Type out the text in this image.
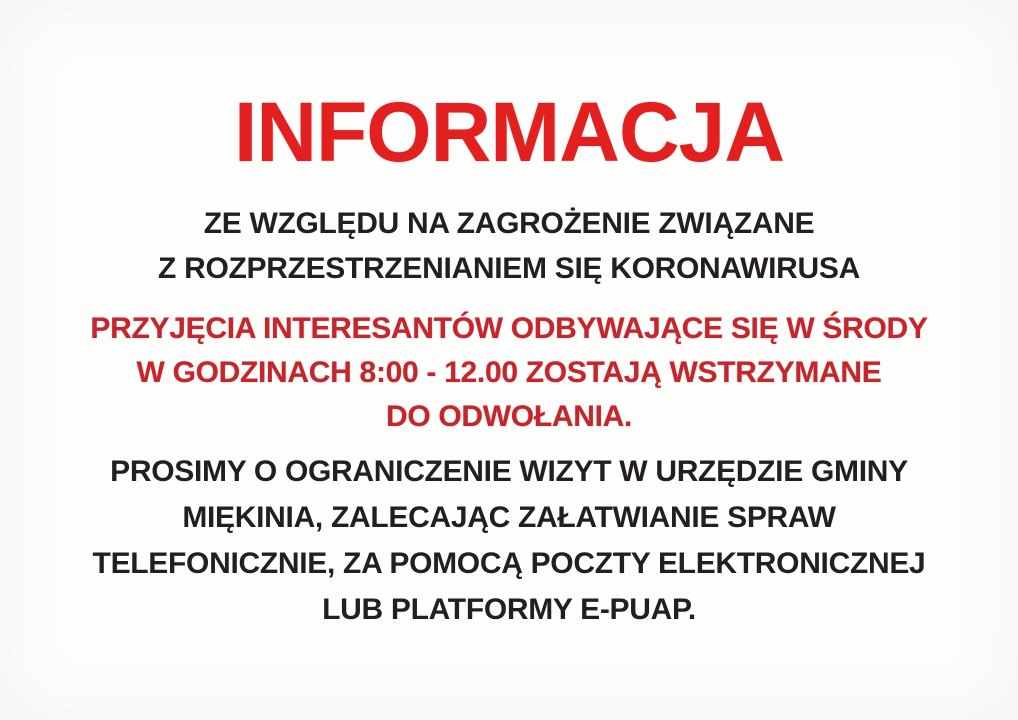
INFORMACJA
ZE WZGLĘDU NA ZAGROŻENIE ZWIĄZANE
Z ROZPRZESTRZENIANIEM SIĘ KORONAWIRUSA
PRZYJĘCIA INTERESANTÓW ODBYWAJĄCE SIĘ W ŚRODY
W GODZINACH 8:00 - 12.00 ZOSTAJĄ WSTRZYMANE
DO ODWOŁANIA.
PROSIMY O OGRANICZENIE WIZYT W URZĘDZIE GMINY
MIĘKINIA, ZALECAJĄC ZAŁATWIANIE SPRAW
TELEFONICZNIE, ZA POMOCĄ POCZTY ELEKTRONICZNEJ
LUB PLATFORMY E-PUAP.
